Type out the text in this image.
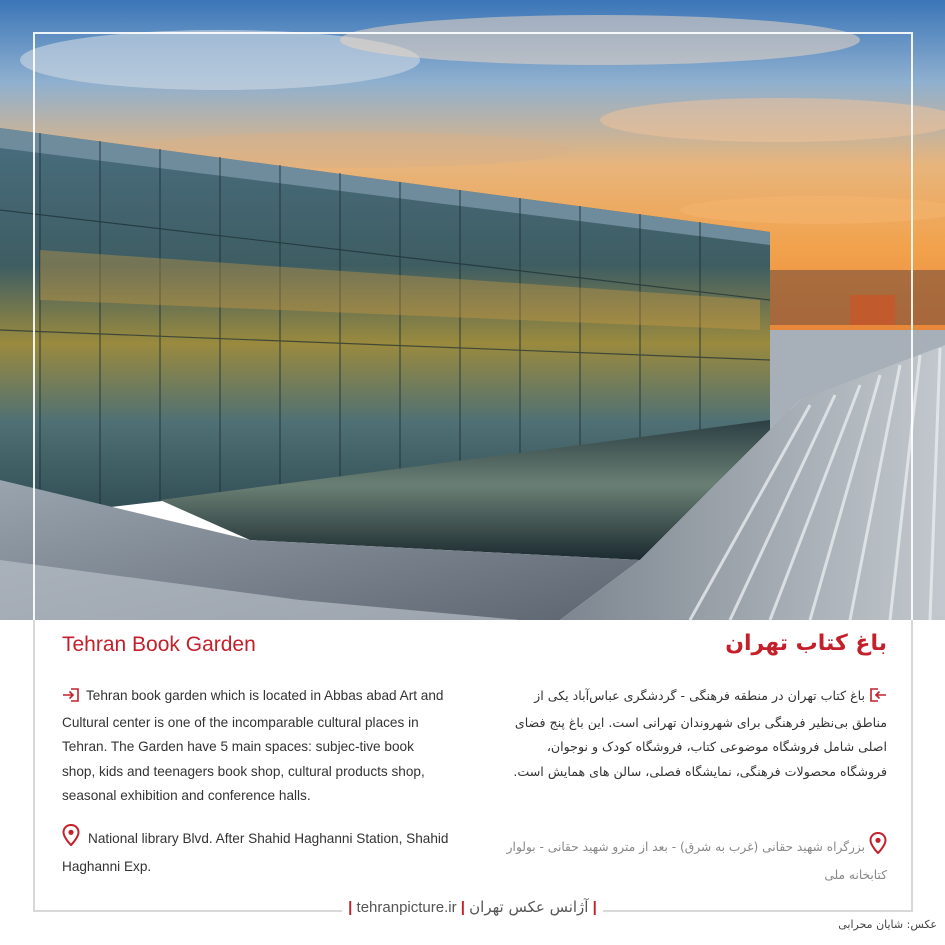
Tehran Book Garden	باغ کتاب تهران
Tehran book garden which is located in Abbas abad Art and Cultural center is one of the incomparable cultural places in Tehran. The Garden have 5 main spaces: subjec-tive book shop, kids and teenagers book shop, cultural products shop, seasonal exhibition and conference halls.
باغ کتاب تهران در منطقه فرهنگی - گردشگری عباس‌آباد یکی از مناطق بی‌نظیر فرهنگی برای شهروندان تهرانی است. این باغ پنج فضای اصلی شامل فروشگاه موضوعی کتاب، فروشگاه کودک و نوجوان، فروشگاه محصولات فرهنگی، نمایشگاه فصلی، سالن های همایش است.
National library Blvd. After Shahid Haghanni Station, Shahid Haghanni Exp.
بزرگراه شهید حقانی (غرب به شرق) - بعد از مترو شهید حقانی - بولوار کتابخانه ملی
| tehranpicture.ir | آژانس عکس تهران |
عکس: شایان محرابی
